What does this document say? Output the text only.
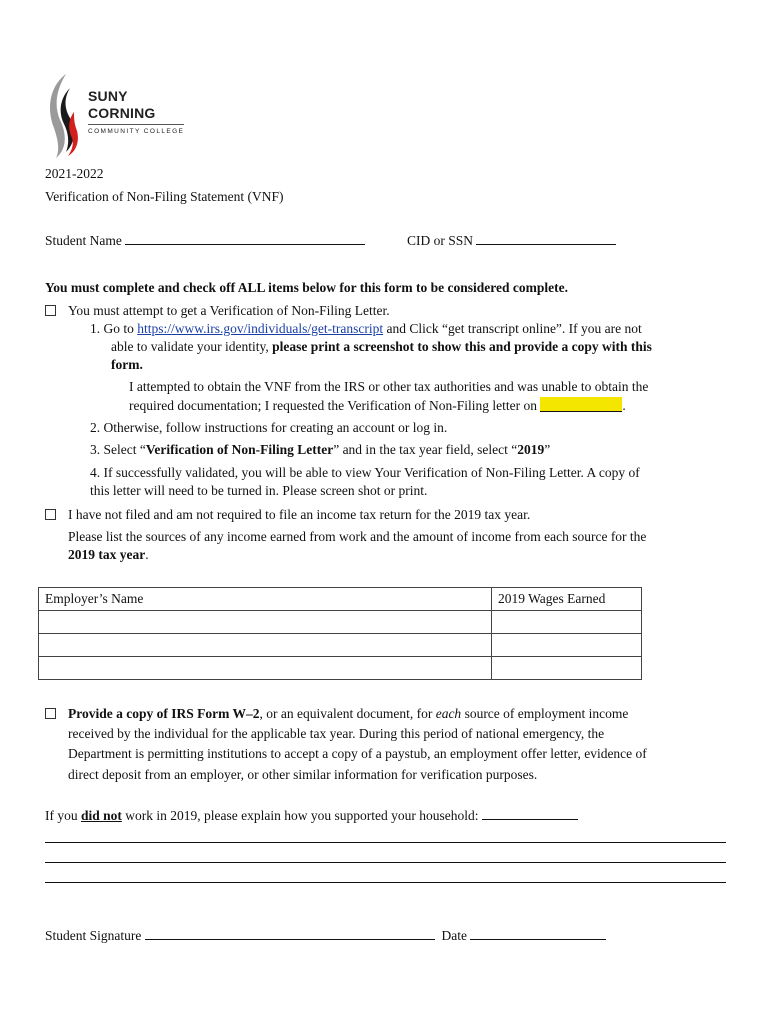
SUNY
CORNING
COMMUNITY COLLEGE
2021-2022
Verification of Non-Filing Statement (VNF)
Student Name	CID or SSN
You must complete and check off ALL items below for this form to be considered complete.
You must attempt to get a Verification of Non-Filing Letter.
1. Go to https://www.irs.gov/individuals/get-transcript and Click “get transcript online”. If you are not
able to validate your identity, please print a screenshot to show this and provide a copy with this
form.
I attempted to obtain the VNF from the IRS or other tax authorities and was unable to obtain the
required documentation; I requested the Verification of Non-Filing letter on	.
2. Otherwise, follow instructions for creating an account or log in.
3. Select “Verification of Non-Filing Letter” and in the tax year field, select “2019”
4. If successfully validated, you will be able to view Your Verification of Non-Filing Letter. A copy of
this letter will need to be turned in. Please screen shot or print.
I have not filed and am not required to file an income tax return for the 2019 tax year.
Please list the sources of any income earned from work and the amount of income from each source for the
2019 tax year.
Employer’s Name	2019 Wages Earned

Provide a copy of IRS Form W–2, or an equivalent document, for each source of employment income
received by the individual for the applicable tax year. During this period of national emergency, the
Department is permitting institutions to accept a copy of a paystub, an employment offer letter, evidence of
direct deposit from an employer, or other similar information for verification purposes.
If you did not work in 2019, please explain how you supported your household:
Student Signature	Date
